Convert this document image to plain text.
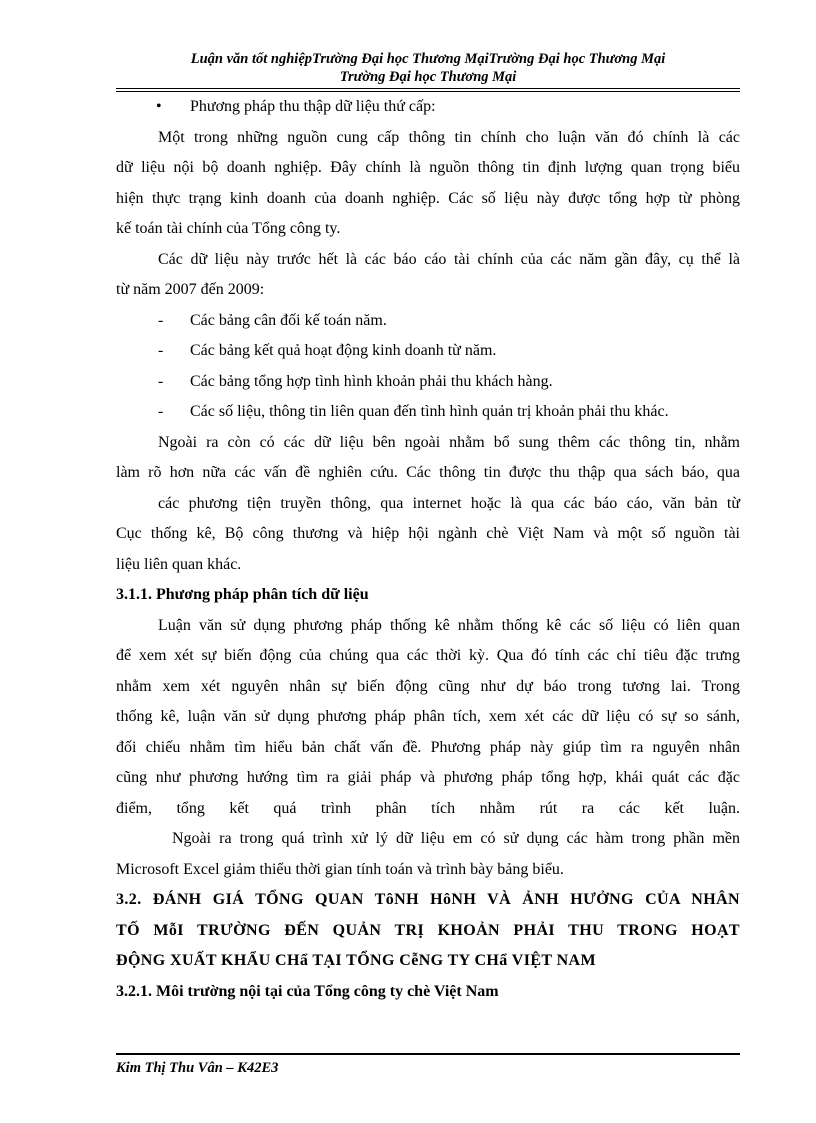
Luận văn tốt nghiệpTrường Đại học Thương MạiTrường Đại học Thương Mại
Trường Đại học Thương Mại
• Phương pháp thu thập dữ liệu thứ cấp:
Một trong những nguồn cung cấp thông tin chính cho luận văn đó chính là các
dữ liệu nội bộ doanh nghiệp. Đây chính là nguồn thông tin định lượng quan trọng biểu
hiện thực trạng kinh doanh của doanh nghiệp. Các số liệu này được tổng hợp từ phòng
kế toán tài chính của Tổng công ty.
Các dữ liệu này trước hết là các báo cáo tài chính của các năm gần đây, cụ thể là
từ năm 2007 đến 2009:
- Các bảng cân đối kế toán năm.
- Các bảng kết quả hoạt động kinh doanh từ năm.
- Các bảng tổng hợp tình hình khoản phải thu khách hàng.
- Các số liệu, thông tin liên quan đến tình hình quản trị khoản phải thu khác.
Ngoài ra còn có các dữ liệu bên ngoài nhằm bổ sung thêm các thông tin, nhằm
làm rõ hơn nữa các vấn đề nghiên cứu. Các thông tin được thu thập qua sách báo, qua
các phương tiện truyền thông, qua internet hoặc là qua các báo cáo, văn bản từ
Cục thống kê, Bộ công thương và hiệp hội ngành chè Việt Nam và một số nguồn tài
liệu liên quan khác.
3.1.1. Phương pháp phân tích dữ liệu
Luận văn sử dụng phương pháp thống kê nhằm thống kê các số liệu có liên quan
để xem xét sự biến động của chúng qua các thời kỳ. Qua đó tính các chỉ tiêu đặc trưng
nhằm xem xét nguyên nhân sự biến động cũng như dự báo trong tương lai. Trong
thống kê, luận văn sử dụng phương pháp phân tích, xem xét các dữ liệu có sự so sánh,
đối chiếu nhằm tìm hiểu bản chất vấn đề. Phương pháp này giúp tìm ra nguyên nhân
cũng như phương hướng tìm ra giải pháp và phương pháp tổng hợp, khái quát các đặc
điểm, tổng kết quá trình phân tích nhằm rút ra các kết luận.
Ngoài ra trong quá trình xử lý dữ liệu em có sử dụng các hàm trong phần mền
Microsoft Excel giảm thiểu thời gian tính toán và trình bày bảng biểu.
3.2. ĐÁNH GIÁ TỔNG QUAN TôNH HôNH VÀ ẢNH HƯỞNG CỦA NHÂN
TỐ MỗI TRƯỜNG ĐẾN QUẢN TRỊ KHOẢN PHẢI THU TRONG HOẠT
ĐỘNG XUẤT KHẨU CHẩ TẠI TỔNG CễNG TY CHẩ VIỆT NAM
3.2.1. Môi trường nội tại của Tổng công ty chè Việt Nam
Kim Thị Thu Vân – K42E3
